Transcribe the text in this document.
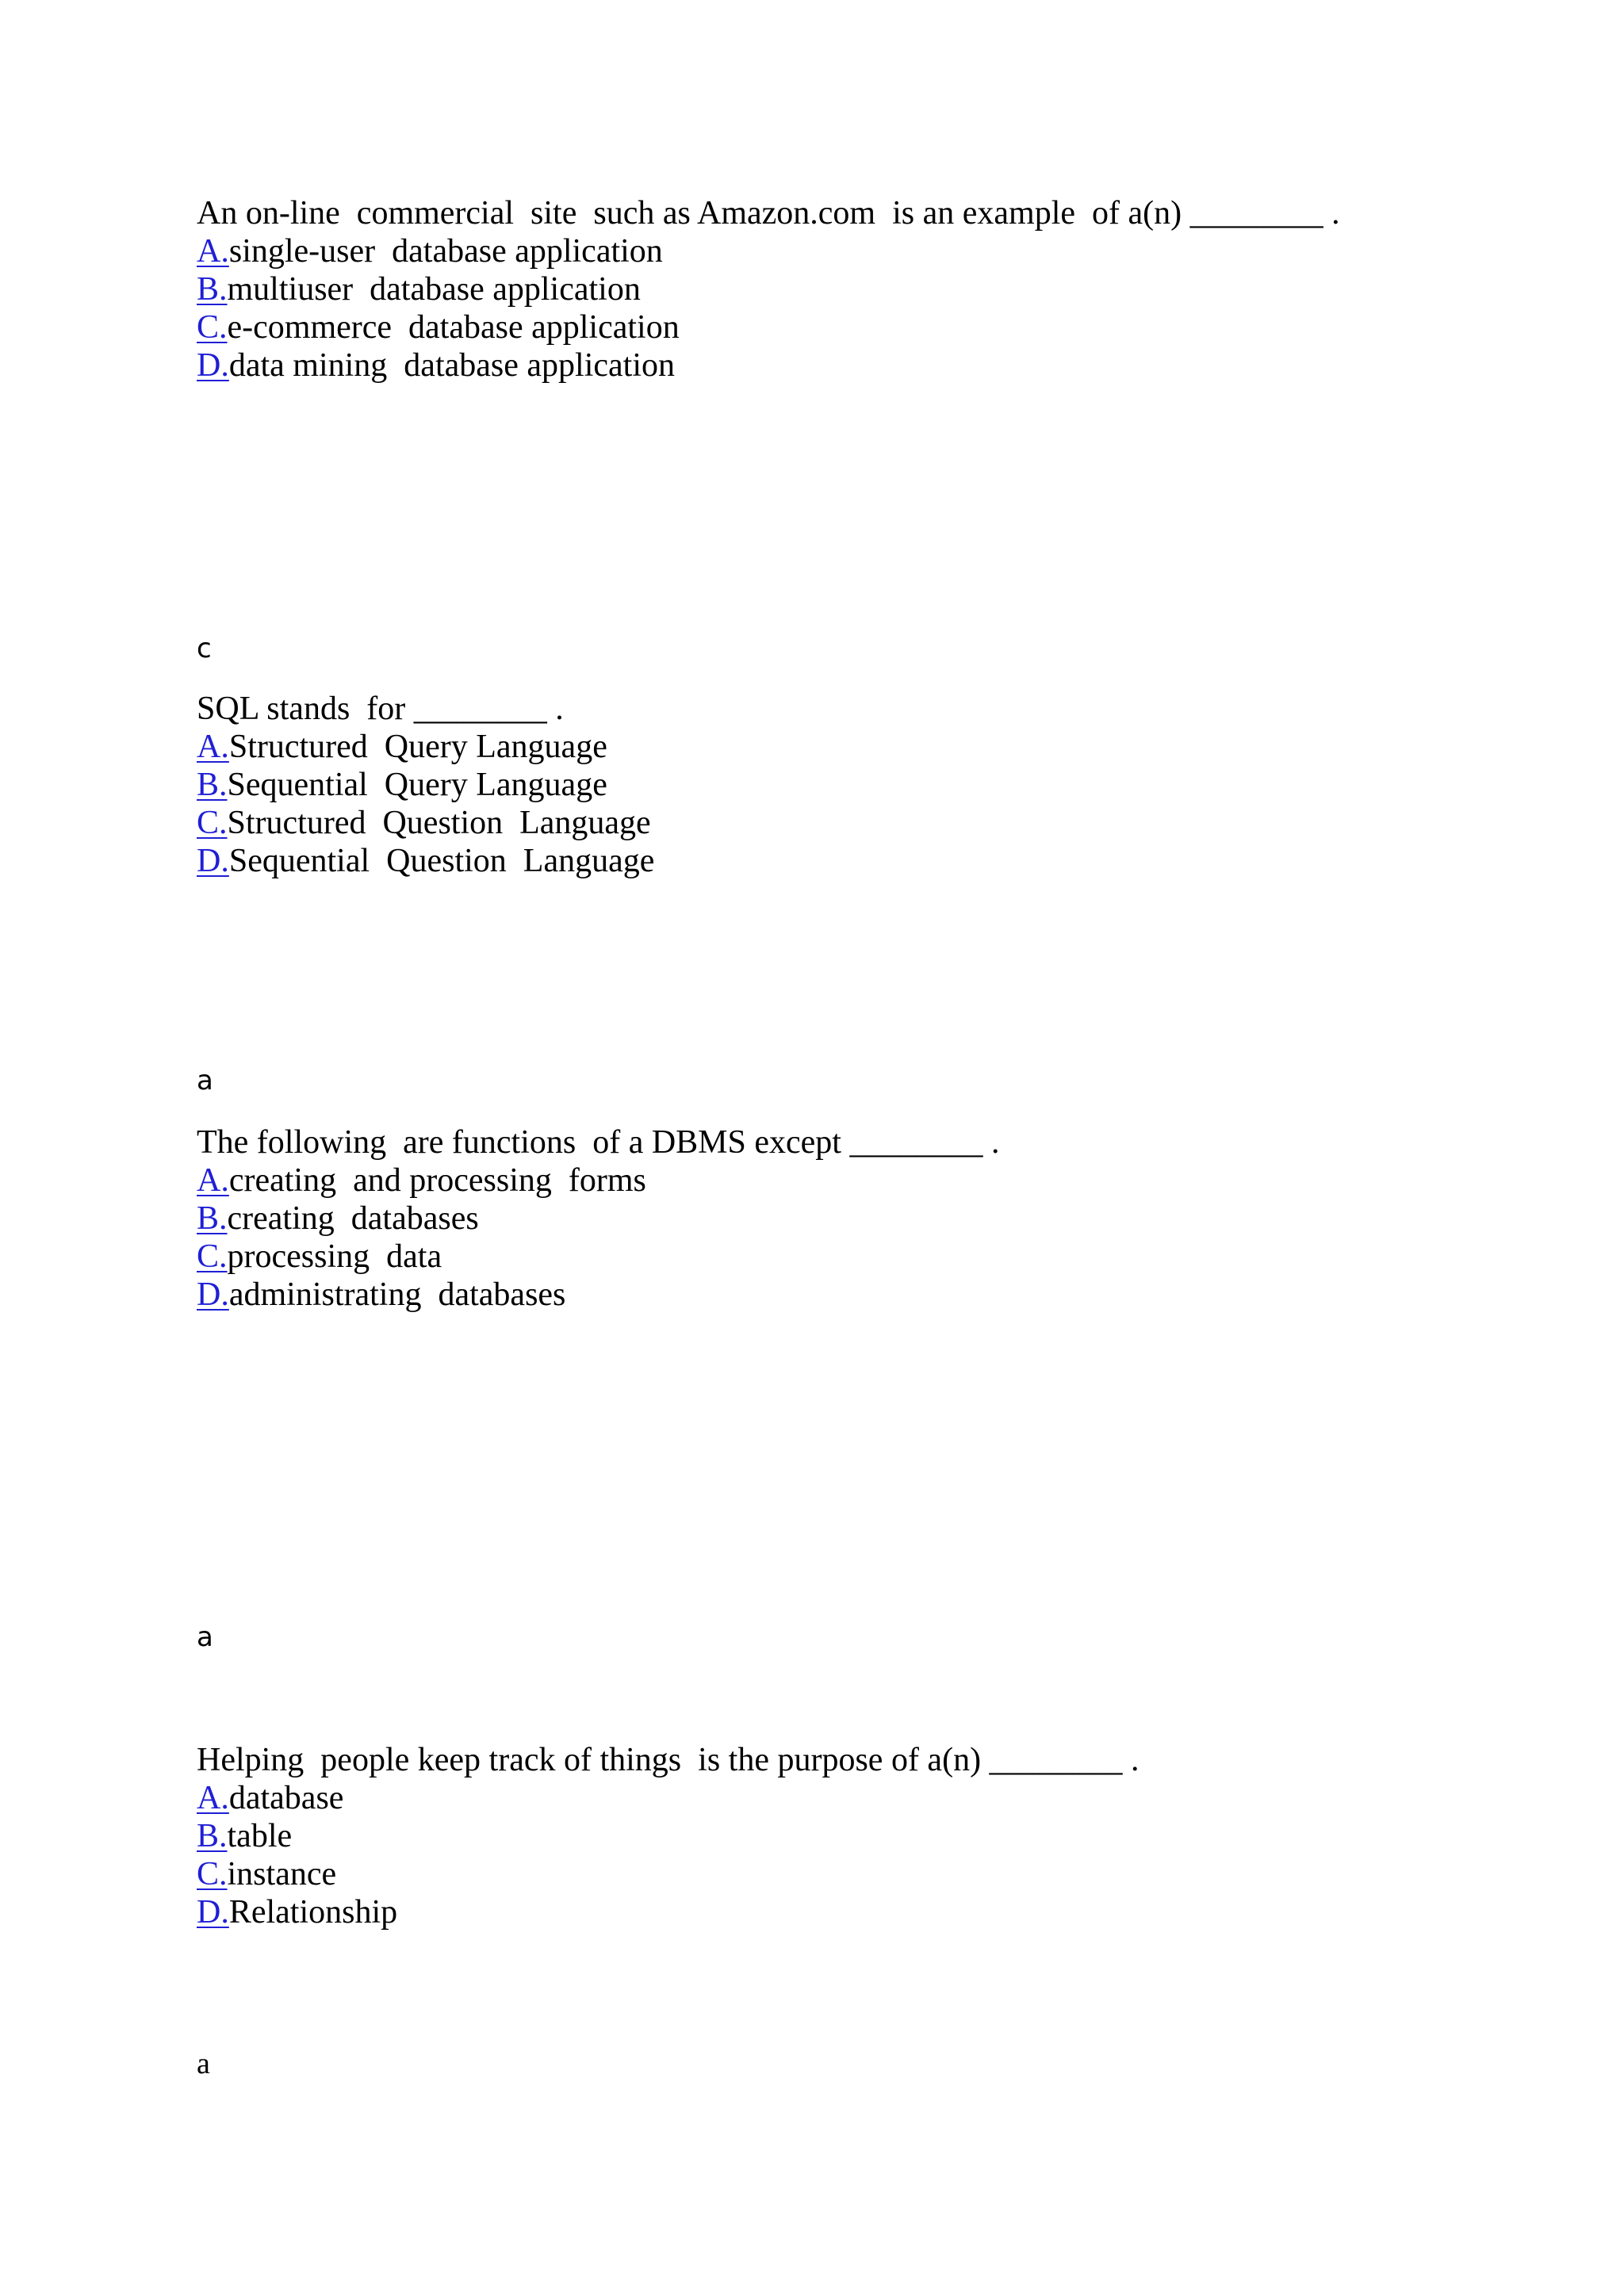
An on-line  commercial  site  such as Amazon.com  is an example  of a(n) ________ .

A.single-user  database application

B.multiuser  database application

C.e-commerce  database application

D.data mining  database application

c

SQL stands  for ________ .

A.Structured  Query Language

B.Sequential  Query Language

C.Structured  Question  Language

D.Sequential  Question  Language

a

The following  are functions  of a DBMS except ________ .

A.creating  and processing  forms

B.creating  databases

C.processing  data

D.administrating  databases

a

Helping  people keep track of things  is the purpose of a(n) ________ .

A.database

B.table

C.instance

D.Relationship

a
